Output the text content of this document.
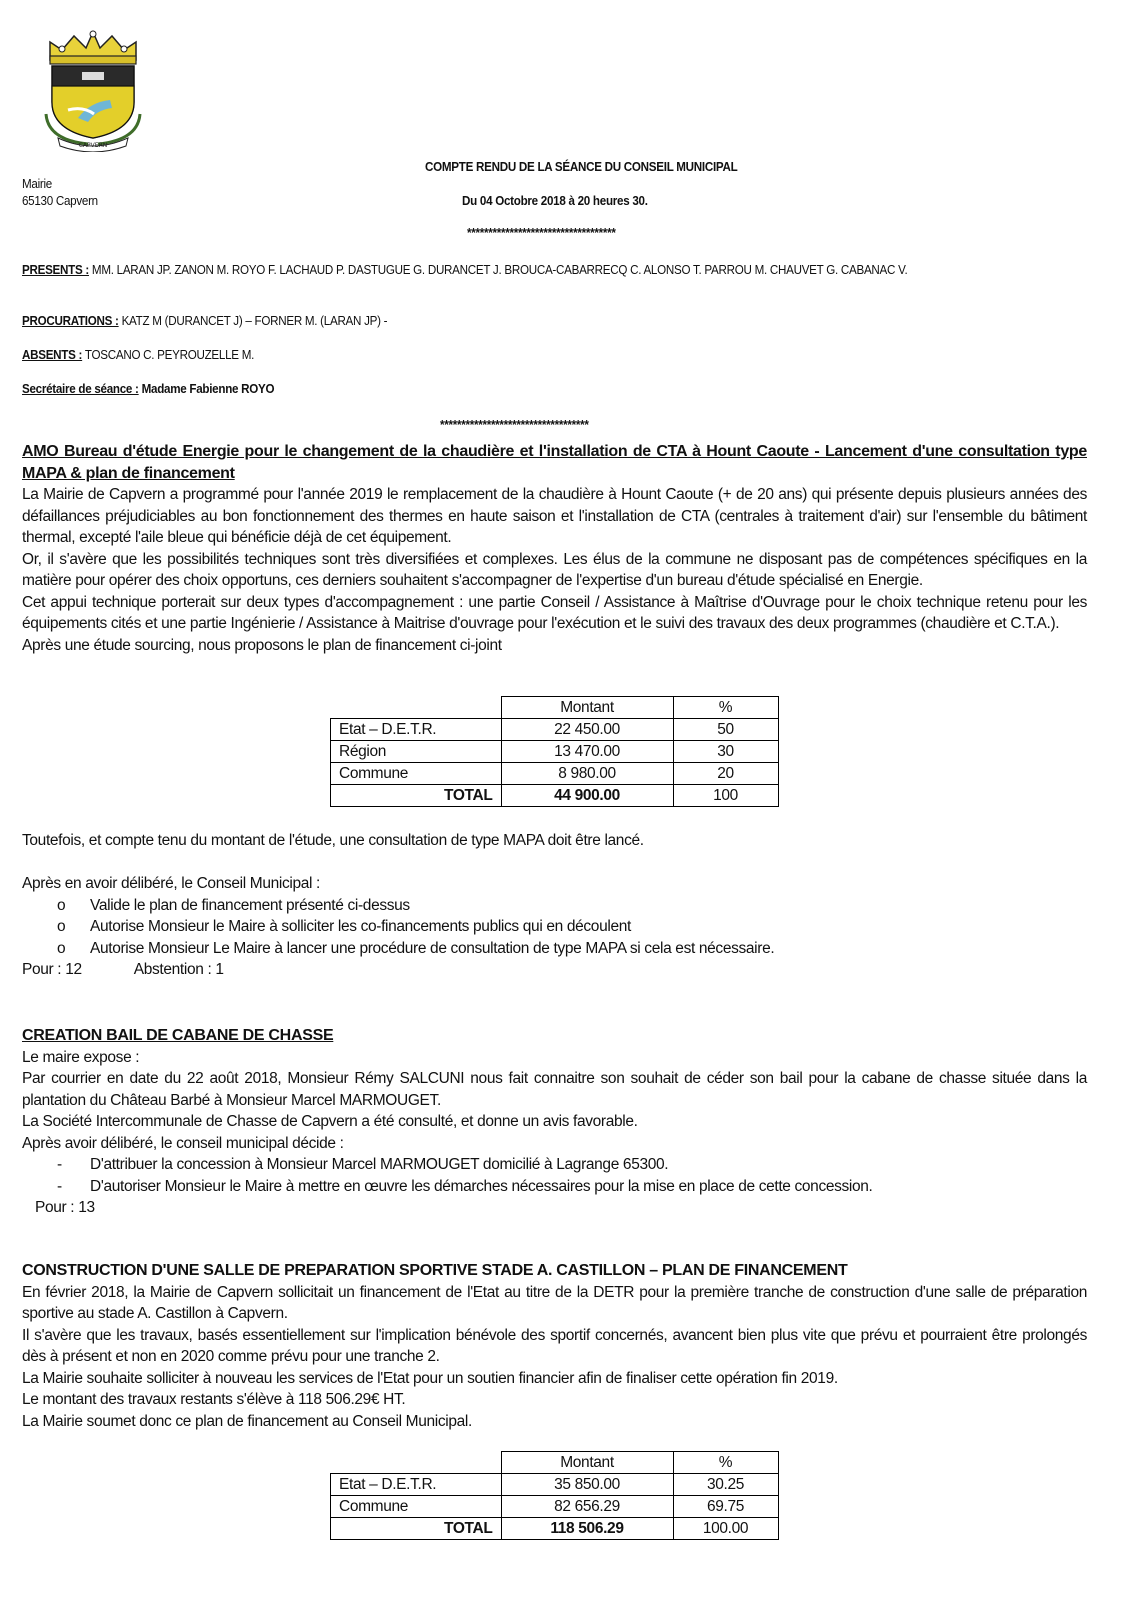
CAPVERN
COMPTE RENDU DE LA SÉANCE DU CONSEIL MUNICIPAL
Mairie
65130 Capvern	Du 04 Octobre 2018 à 20 heures 30.
***********************************
PRESENTS : MM. LARAN JP. ZANON M. ROYO F. LACHAUD P. DASTUGUE G. DURANCET J. BROUCA-CABARRECQ C. ALONSO T. PARROU M. CHAUVET G. CABANAC V.
PROCURATIONS : KATZ M (DURANCET J) – FORNER M. (LARAN JP) -
ABSENTS : TOSCANO C. PEYROUZELLE M.
Secrétaire de séance : Madame Fabienne ROYO
***********************************
AMO Bureau d'étude Energie pour le changement de la chaudière et l'installation de CTA à Hount Caoute - Lancement d'une consultation type MAPA & plan de financement
La Mairie de Capvern a programmé pour l'année 2019 le remplacement de la chaudière à Hount Caoute (+ de 20 ans) qui présente depuis plusieurs années des défaillances préjudiciables au bon fonctionnement des thermes en haute saison et l'installation de CTA (centrales à traitement d'air) sur l'ensemble du bâtiment thermal, excepté l'aile bleue qui bénéficie déjà de cet équipement.
Or, il s'avère que les possibilités techniques sont très diversifiées et complexes. Les élus de la commune ne disposant pas de compétences spécifiques en la matière pour opérer des choix opportuns, ces derniers souhaitent s'accompagner de l'expertise d'un bureau d'étude spécialisé en Energie.
Cet appui technique porterait sur deux types d'accompagnement : une partie Conseil / Assistance à Maîtrise d'Ouvrage pour le choix technique retenu pour les équipements cités et une partie Ingénierie / Assistance à Maitrise d'ouvrage pour l'exécution et le suivi des travaux des deux programmes (chaudière et C.T.A.).
Après une étude sourcing, nous proposons le plan de financement ci-joint
	Montant	%
Etat – D.E.T.R.	22 450.00	50
Région	13 470.00	30
Commune	8 980.00	20
TOTAL	44 900.00	100
Toutefois, et compte tenu du montant de l'étude, une consultation de type MAPA doit être lancé.
Après en avoir délibéré, le Conseil Municipal :
o Valide le plan de financement présenté ci-dessus
o Autorise Monsieur le Maire à solliciter les co-financements publics qui en découlent
o Autorise Monsieur Le Maire à lancer une procédure de consultation de type MAPA si cela est nécessaire.
Pour : 12	Abstention : 1
CREATION BAIL DE CABANE DE CHASSE
Le maire expose :
Par courrier en date du 22 août 2018, Monsieur Rémy SALCUNI nous fait connaitre son souhait de céder son bail pour la cabane de chasse située dans la plantation du Château Barbé à Monsieur Marcel MARMOUGET.
La Société Intercommunale de Chasse de Capvern a été consulté, et donne un avis favorable.
Après avoir délibéré, le conseil municipal décide :
- D'attribuer la concession à Monsieur Marcel MARMOUGET domicilié à Lagrange 65300.
- D'autoriser Monsieur le Maire à mettre en œuvre les démarches nécessaires pour la mise en place de cette concession.
Pour : 13
CONSTRUCTION D'UNE SALLE DE PREPARATION SPORTIVE STADE A. CASTILLON – PLAN DE FINANCEMENT
En février 2018, la Mairie de Capvern sollicitait un financement de l'Etat au titre de la DETR pour la première tranche de construction d'une salle de préparation sportive au stade A. Castillon à Capvern.
Il s'avère que les travaux, basés essentiellement sur l'implication bénévole des sportif concernés, avancent bien plus vite que prévu et pourraient être prolongés dès à présent et non en 2020 comme prévu pour une tranche 2.
La Mairie souhaite solliciter à nouveau les services de l'Etat pour un soutien financier afin de finaliser cette opération fin 2019.
Le montant des travaux restants s'élève à 118 506.29€ HT.
La Mairie soumet donc ce plan de financement au Conseil Municipal.
	Montant	%
Etat – D.E.T.R.	35 850.00	30.25
Commune	82 656.29	69.75
TOTAL	118 506.29	100.00
